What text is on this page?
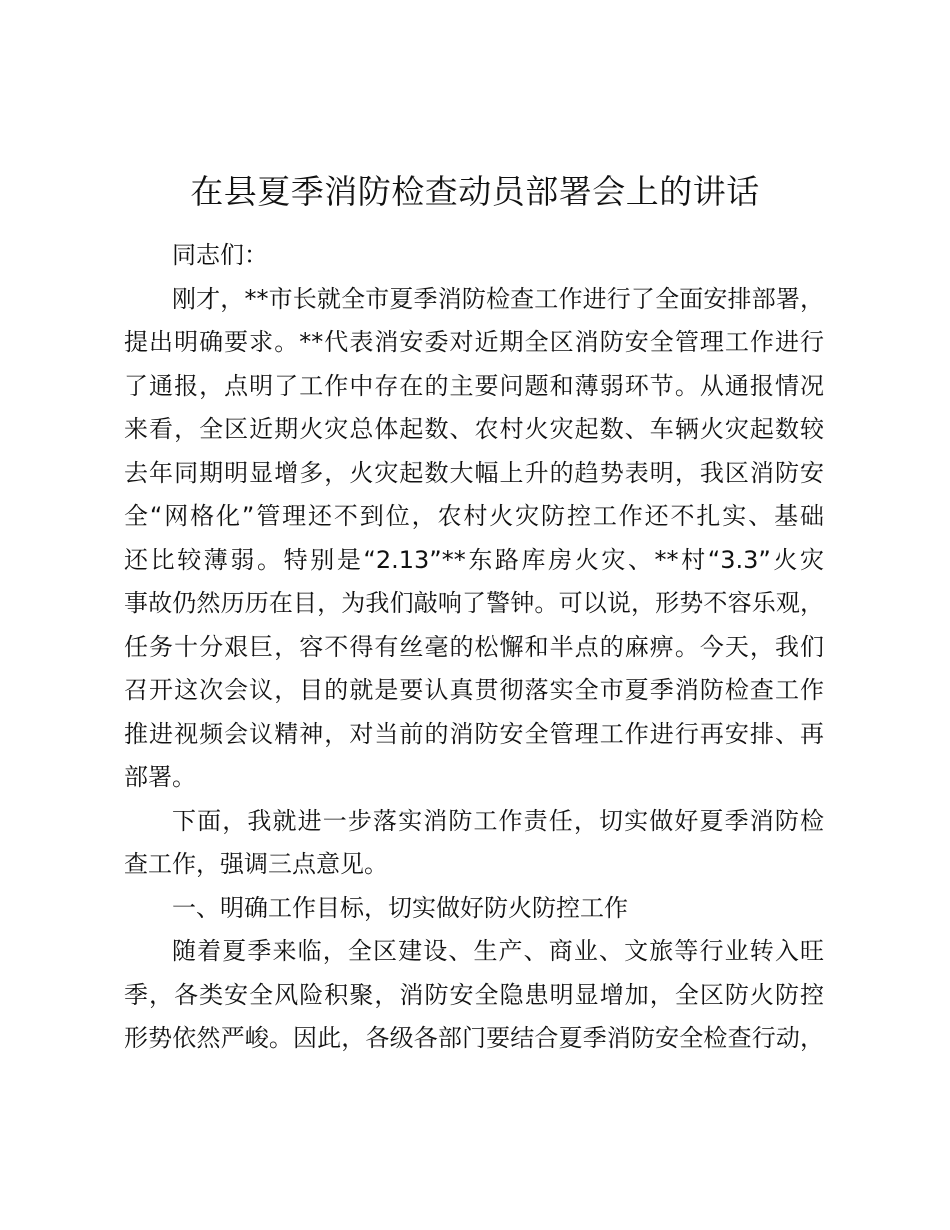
在县夏季消防检查动员部署会上的讲话

同志们：

刚才，**市长就全市夏季消防检查工作进行了全面安排部署，

提出明确要求。**代表消安委对近期全区消防安全管理工作进行

了通报，点明了工作中存在的主要问题和薄弱环节。从通报情况

来看，全区近期火灾总体起数、农村火灾起数、车辆火灾起数较

去年同期明显增多，火灾起数大幅上升的趋势表明，我区消防安

全“网格化”管理还不到位，农村火灾防控工作还不扎实、基础

还比较薄弱。特别是“2.13”**东路库房火灾、**村“3.3”火灾

事故仍然历历在目，为我们敲响了警钟。可以说，形势不容乐观，

任务十分艰巨，容不得有丝毫的松懈和半点的麻痹。今天，我们

召开这次会议，目的就是要认真贯彻落实全市夏季消防检查工作

推进视频会议精神，对当前的消防安全管理工作进行再安排、再

部署。

下面，我就进一步落实消防工作责任，切实做好夏季消防检

查工作，强调三点意见。

一、明确工作目标，切实做好防火防控工作

随着夏季来临，全区建设、生产、商业、文旅等行业转入旺

季，各类安全风险积聚，消防安全隐患明显增加，全区防火防控

形势依然严峻。因此，各级各部门要结合夏季消防安全检查行动，
